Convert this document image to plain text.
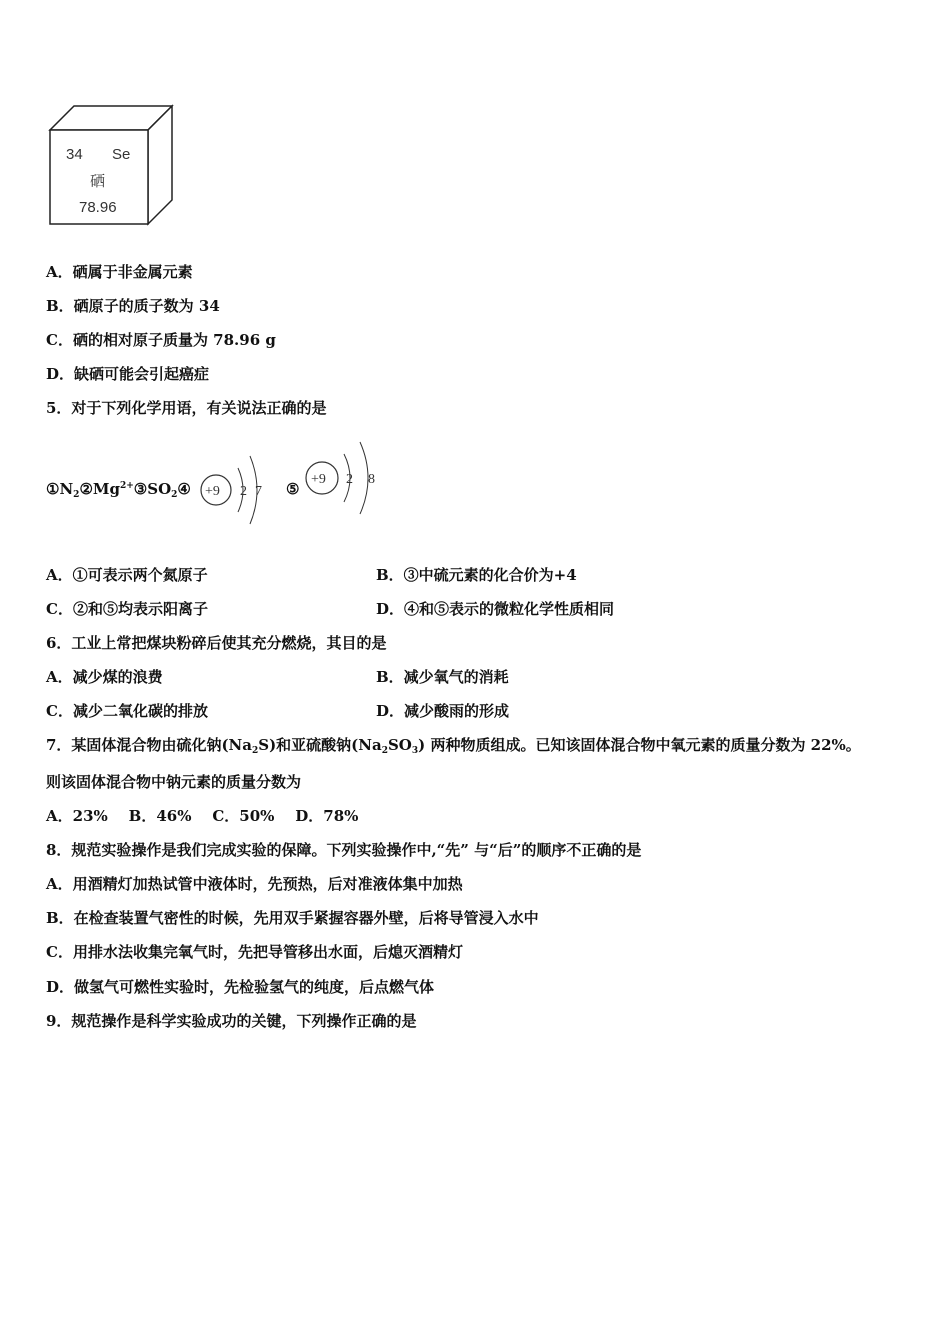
34 Se
硒
78.96
A．硒属于非金属元素
B．硒原子的质子数为 34
C．硒的相对原子质量为 78.96 g
D．缺硒可能会引起癌症
5．对于下列化学用语，有关说法正确的是
$①N_2②Mg^{2+}③SO_2④ +9$ 2 7 ⑤
+9 2 8
A．①可表示两个氮原子	B．③中硫元素的化合价为+4
C．②和⑤均表示阳离子	D．④和⑤表示的微粒化学性质相同
6．工业上常把煤块粉碎后使其充分燃烧，其目的是
A．减少煤的浪费	B．减少氧气的消耗
C．减少二氧化碳的排放	D．减少酸雨的形成
7．某固体混合物由硫化钠$(Na_2S)$和亚硫酸钠$(Na_2SO_3)$ 两种物质组成。已知该固体混合物中氧元素的质量分数为 22%。
则该固体混合物中钠元素的质量分数为
A．23%    B．46%    C．50%    D．78%
8．规范实验操作是我们完成实验的保障。下列实验操作中,“先” 与“后”的顺序不正确的是
A．用酒精灯加热试管中液体时，先预热，后对准液体集中加热
B．在检查装置气密性的时候，先用双手紧握容器外壁，后将导管浸入水中
C．用排水法收集完氧气时，先把导管移出水面，后熄灭酒精灯
D．做氢气可燃性实验时，先检验氢气的纯度，后点燃气体
9．规范操作是科学实验成功的关键，下列操作正确的是
